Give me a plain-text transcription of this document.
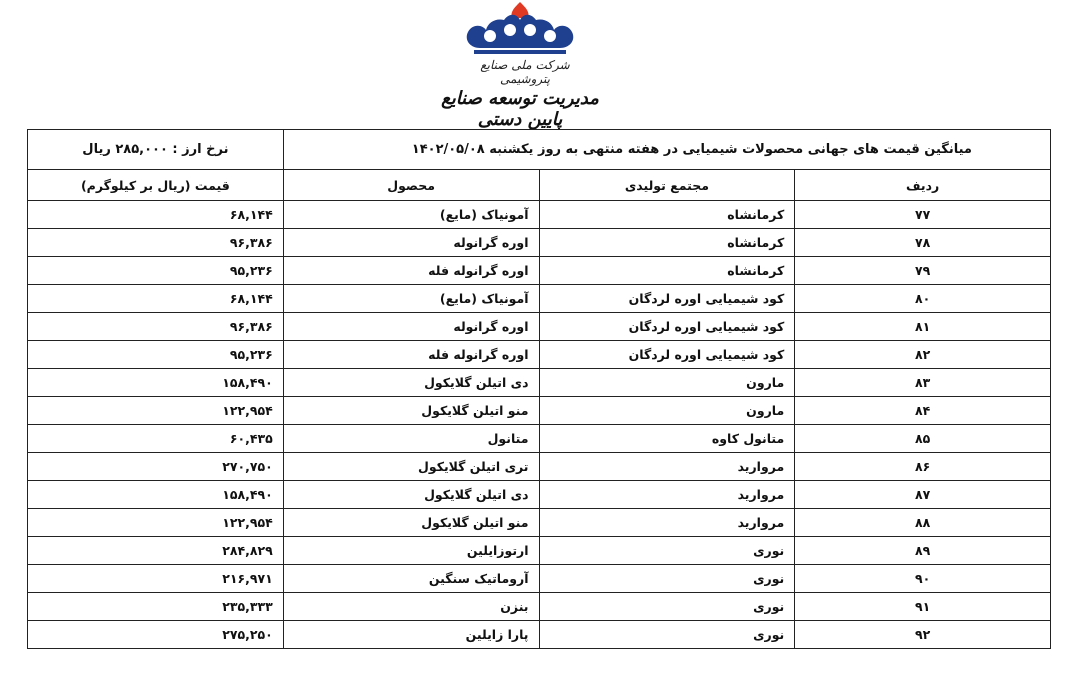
شرکت ملی صنایع پتروشیمی
مدیریت توسعه صنایع پایین دستی
میانگین قیمت های جهانی محصولات شیمیایی در هفته منتهی به روز یکشنبه ۱۴۰۲/۰۵/۰۸			نرخ ارز : ۲۸۵,۰۰۰ ریال
ردیف	مجتمع تولیدی	محصول	قیمت (ریال بر کیلوگرم)
۷۷	کرمانشاه	آمونیاک (مایع)	۶۸,۱۴۴
۷۸	کرمانشاه	اوره گرانوله	۹۶,۳۸۶
۷۹	کرمانشاه	اوره گرانوله فله	۹۵,۲۳۶
۸۰	کود شیمیایی اوره لردگان	آمونیاک (مایع)	۶۸,۱۴۴
۸۱	کود شیمیایی اوره لردگان	اوره گرانوله	۹۶,۳۸۶
۸۲	کود شیمیایی اوره لردگان	اوره گرانوله فله	۹۵,۲۳۶
۸۳	مارون	دی اتیلن گلایکول	۱۵۸,۴۹۰
۸۴	مارون	منو اتیلن گلایکول	۱۲۲,۹۵۴
۸۵	متانول کاوه	متانول	۶۰,۴۳۵
۸۶	مروارید	تری اتیلن گلایکول	۲۷۰,۷۵۰
۸۷	مروارید	دی اتیلن گلایکول	۱۵۸,۴۹۰
۸۸	مروارید	منو اتیلن گلایکول	۱۲۲,۹۵۴
۸۹	نوری	ارتوزایلین	۲۸۴,۸۲۹
۹۰	نوری	آروماتیک سنگین	۲۱۶,۹۷۱
۹۱	نوری	بنزن	۲۳۵,۳۳۳
۹۲	نوری	پارا زایلین	۲۷۵,۲۵۰
